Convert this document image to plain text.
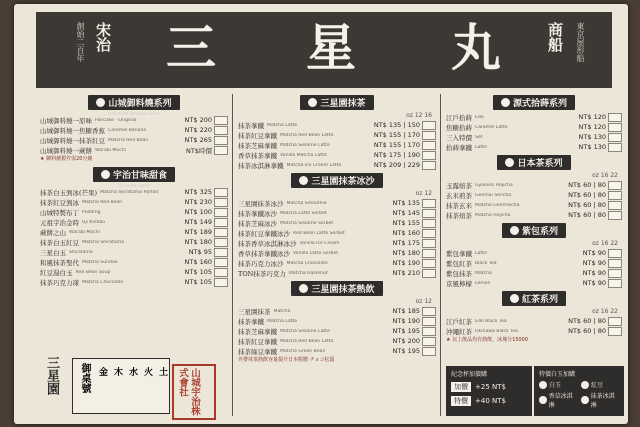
宋治
創始二百年 三 星 丸	商船 東京屋形船
山城御料燒系列
Mitsubishi Pancake Series
山城御料燒一原味 Pancake · Original	NT$ 200
山城御料燒一焦糖香蕉 Caramel Banana	NT$ 220
山城御料燒一抹茶紅豆 Matcha Red Bean	NT$ 265
山城御料燒一蕨餅 Warabi Mochi	NT$時價
★ 御料燒製作需20分鐘
宇治甘味甜食
Uji Sweet Series
抹茶白玉剉冰(芒果) Matcha Shiratama Parfait	NT$ 325
抹茶紅豆剉冰 Matcha Red Bean	NT$ 230
山城特製布丁 Pudding	NT$ 100
元祖宇治金時 Uji Kintoki	NT$ 149
蕨餅之山 Warabi Mochi	NT$ 189
抹茶白玉紅豆 Matcha Shiratama	NT$ 180
三星白玉 Shiratama	NT$ 95
和風抹茶聖代 Matcha Sundae	NT$ 160
紅豆湯白玉 Red Bean Soup	NT$ 105
抹茶巧克力凍 Matcha Chocolate	NT$ 105
三星園 御桌號 金 木 水 火 土	山城宇治株式會社
三星園抹茶
oz 12 16
抹茶拿鐵 Matcha Latte	NT$ 135 | 150
抹茶紅豆拿鐵 Matcha Red Bean Latte	NT$ 155 | 170
抹茶芝麻拿鐵 Matcha Sesame Latte	NT$ 155 | 170
香草抹茶拿鐵 Vanilla Matcha Latte	NT$ 175 | 190
抹茶冰淇淋拿鐵 Matcha Ice Cream Latte	NT$ 209 | 229
三星園抹茶冰沙
oz 12
三星園抹茶冰沙 Matcha Smoothie	NT$ 135
抹茶拿鐵冰沙 Matcha Latte Sorbet	NT$ 145
抹茶芝麻冰沙 Matcha Sesame Sorbet	NT$ 155
抹茶紅豆拿鐵冰沙 Red Bean Latte Sorbet	NT$ 160
抹茶香草冰淇淋冰沙 Vanilla Ice Cream	NT$ 175
香草抹茶拿鐵冰沙 Vanilla Latte Sorbet	NT$ 180
抹茶巧克力冰沙 Matcha Chocolate	NT$ 190
TON抹茶巧克力 Matcha Hazelnut	NT$ 210
三星園抹茶熱飲
oz 12
三星園抹茶 Matcha	NT$ 185
抹茶拿鐵 Matcha Latte	NT$ 190
抹茶芝麻拿鐵 Matcha Sesame Latte	NT$ 195
抹茶紅豆拿鐵 Matcha Red Bean Latte	NT$ 200
抹茶綠豆拿鐵 Matcha Green Bean	NT$ 195
外帶抹茶熱飲容量提升日本附贈 チョコ松露
源式拾蒔系列
江戶拾蒔 Edo	NT$ 120
焦糖拾蒔 Caramel Latte	NT$ 120
三入特價 Set	NT$ 130
拾蒔拿鐵 Latte	NT$ 130
日本茶系列
oz 16 22
玉露焙茶 Gyokuro Hojicha	NT$ 60 | 80
玄米煎茶 Genmai Sencha	NT$ 60 | 80
抹茶玄米 Matcha Genmaicha	NT$ 60 | 80
抹茶焙茶 Matcha Hojicha	NT$ 60 | 80
紫包系列
oz 16 22
紫包拿鐵 Latte	NT$ 90
紫包紅茶 Black Tea	NT$ 90
紫包抹茶 Matcha	NT$ 90
京風檸檬 Lemon	NT$ 90
紅茶系列
oz 16 22
江戶紅茶 Edo Black Tea	NT$ 60 | 80
沖繩紅茶 Okinawa Black Tea	NT$ 60 | 80
★ 以上飲品均有熱飲，冰塊分15000
紀念杯加價購
加價	+25 NT$
特價	+40 NT$
特價白玉加購
白玉	紅豆
香草冰淇淋
抹茶冰淇淋
